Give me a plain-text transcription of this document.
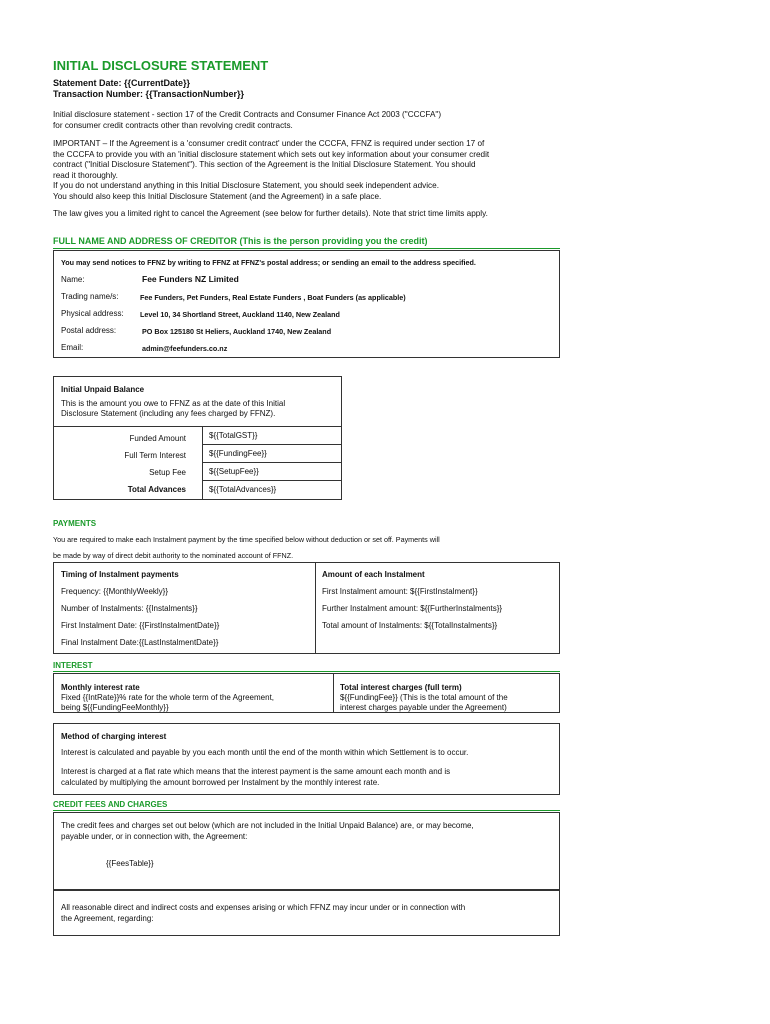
INITIAL DISCLOSURE STATEMENT
Statement Date: {{CurrentDate}}
Transaction Number: {{TransactionNumber}}
Initial disclosure statement - section 17 of the Credit Contracts and Consumer Finance Act 2003 ("CCCFA")
for consumer credit contracts other than revolving credit contracts.
IMPORTANT – If the Agreement is a 'consumer credit contract' under the CCCFA, FFNZ is required under section 17 of
the CCCFA to provide you with an 'initial disclosure statement which sets out key information about your consumer credit
contract ("Initial Disclosure Statement"). This section of the Agreement is the Initial Disclosure Statement. You should
read it thoroughly.
If you do not understand anything in this Initial Disclosure Statement, you should seek independent advice.
You should also keep this Initial Disclosure Statement (and the Agreement) in a safe place.
The law gives you a limited right to cancel the Agreement (see below for further details). Note that strict time limits apply.
FULL NAME AND ADDRESS OF CREDITOR (This is the person providing you the credit)
You may send notices to FFNZ by writing to FFNZ at FFNZ's postal address; or sending an email to the address specified.
Name:	Fee Funders NZ Limited
Trading name/s:	Fee Funders, Pet Funders, Real Estate Funders , Boat Funders (as applicable)
Physical address: Level 10, 34 Shortland Street, Auckland 1140, New Zealand
Postal address:	PO Box 125180 St Heliers, Auckland 1740, New Zealand
Email:	admin@feefunders.co.nz
Initial Unpaid Balance
This is the amount you owe to FFNZ as at the date of this Initial
Disclosure Statement (including any fees charged by FFNZ).
Funded Amount	${{TotalGST}}
Full Term Interest	${{FundingFee}}
Setup Fee	${{SetupFee}}
Total Advances	${{TotalAdvances}}
PAYMENTS
You are required to make each Instalment payment by the time specified below without deduction or set off. Payments will
be made by way of direct debit authority to the nominated account of FFNZ.
Timing of Instalment payments
Frequency: {{MonthlyWeekly}}
Number of Instalments: {{Instalments}}
First Instalment Date: {{FirstInstalmentDate}}
Final Instalment Date:{{LastInstalmentDate}}
Amount of each Instalment
First Instalment amount: ${{FirstInstalment}}
Further Instalment amount: ${{FurtherInstalments}}
Total amount of Instalments: ${{TotalInstalments}}
INTEREST
Monthly interest rate
Fixed {{IntRate}}% rate for the whole term of the Agreement,
being ${{FundingFeeMonthly}}
Total interest charges (full term)
${{FundingFee}} (This is the total amount of the
interest charges payable under the Agreement)
Method of charging interest
Interest is calculated and payable by you each month until the end of the month within which Settlement is to occur.
Interest is charged at a flat rate which means that the interest payment is the same amount each month and is
calculated by multiplying the amount borrowed per Instalment by the monthly interest rate.
CREDIT FEES AND CHARGES
The credit fees and charges set out below (which are not included in the Initial Unpaid Balance) are, or may become,
payable under, or in connection with, the Agreement:
{{FeesTable}}
All reasonable direct and indirect costs and expenses arising or which FFNZ may incur under or in connection with
the Agreement, regarding:
